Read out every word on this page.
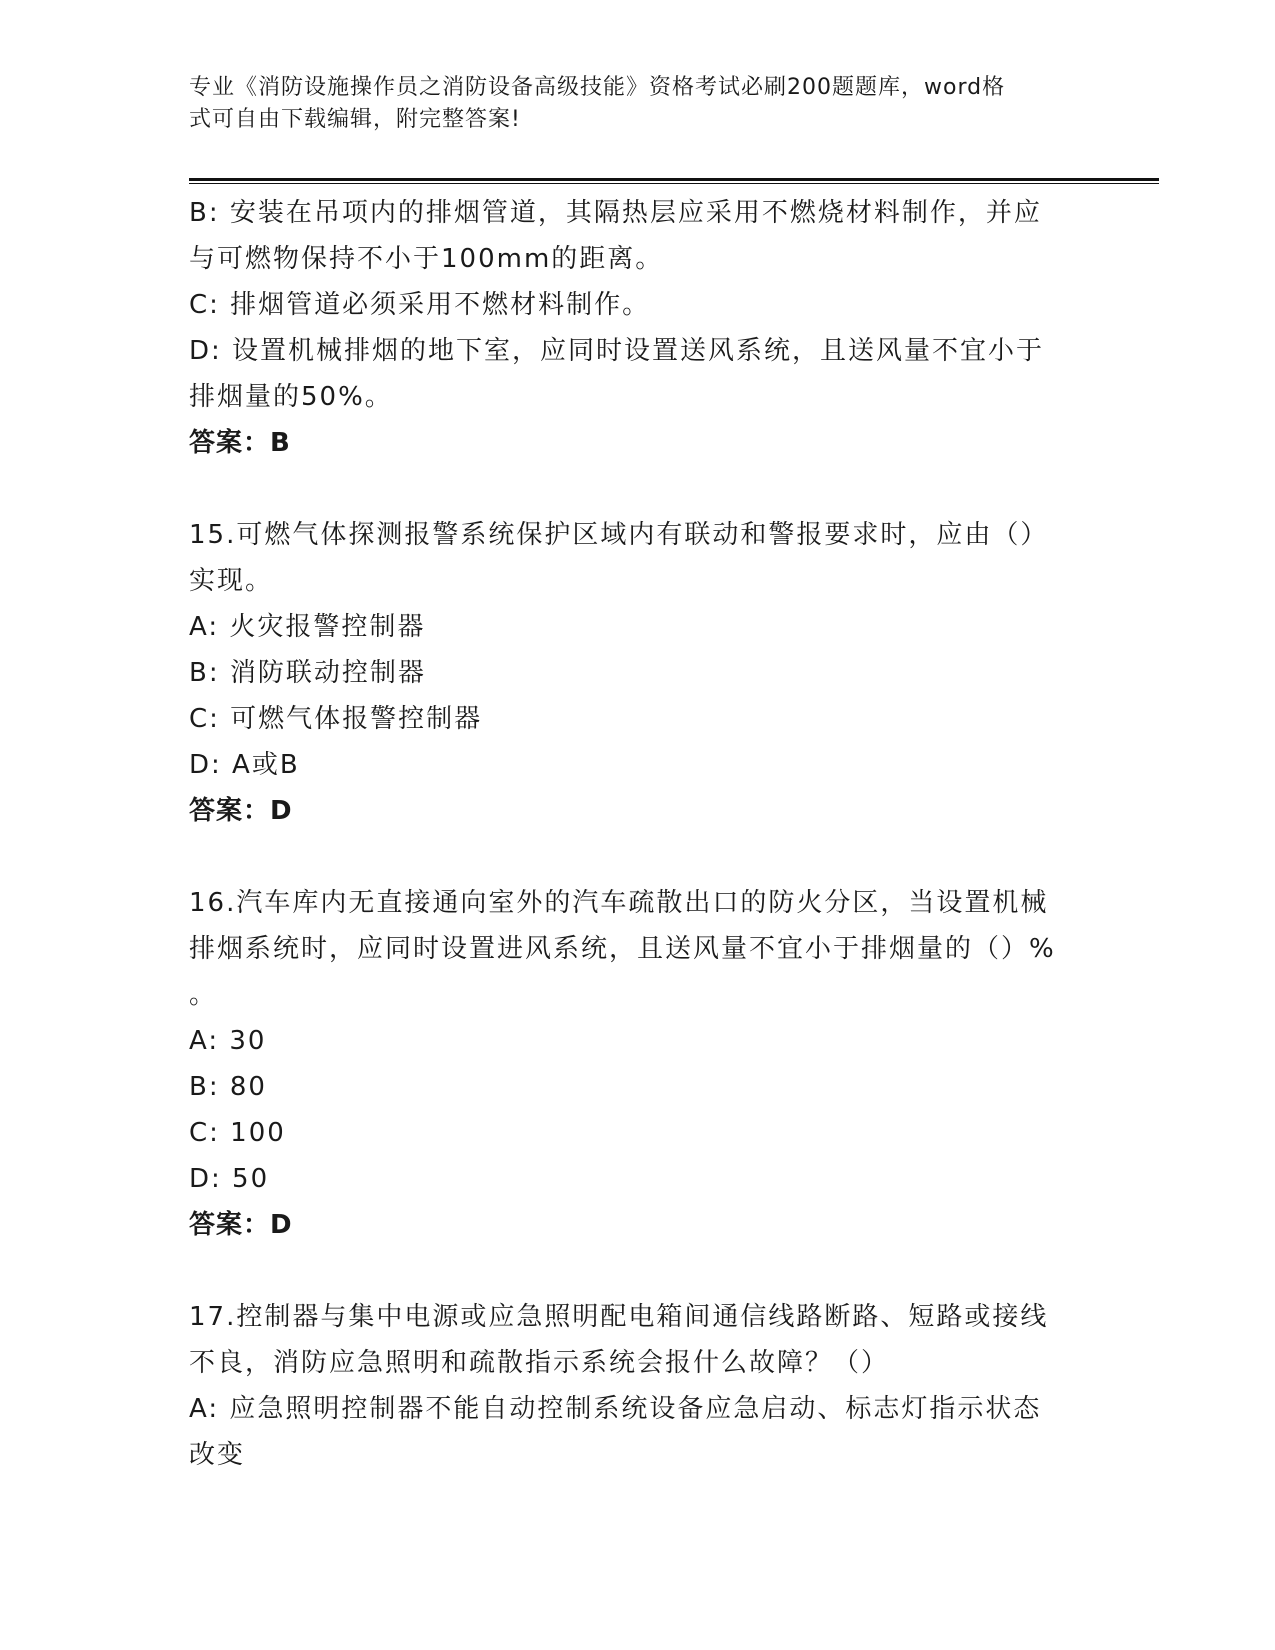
专业《消防设施操作员之消防设备高级技能》资格考试必刷200题题库，word格
式可自由下载编辑，附完整答案!
B: 安装在吊项内的排烟管道，其隔热层应采用不燃烧材料制作，并应
与可燃物保持不小于100mm的距离。
C: 排烟管道必须采用不燃材料制作。
D: 设置机械排烟的地下室，应同时设置送风系统，且送风量不宜小于
排烟量的50%。
答案：B
15.可燃气体探测报警系统保护区域内有联动和警报要求时，应由（）
实现。
A: 火灾报警控制器
B: 消防联动控制器
C: 可燃气体报警控制器
D: A或B
答案：D
16.汽车库内无直接通向室外的汽车疏散出口的防火分区，当设置机械
排烟系统时，应同时设置进风系统，且送风量不宜小于排烟量的（）%
。
A: 30
B: 80
C: 100
D: 50
答案：D
17.控制器与集中电源或应急照明配电箱间通信线路断路、短路或接线
不良，消防应急照明和疏散指示系统会报什么故障？（）
A: 应急照明控制器不能自动控制系统设备应急启动、标志灯指示状态
改变
